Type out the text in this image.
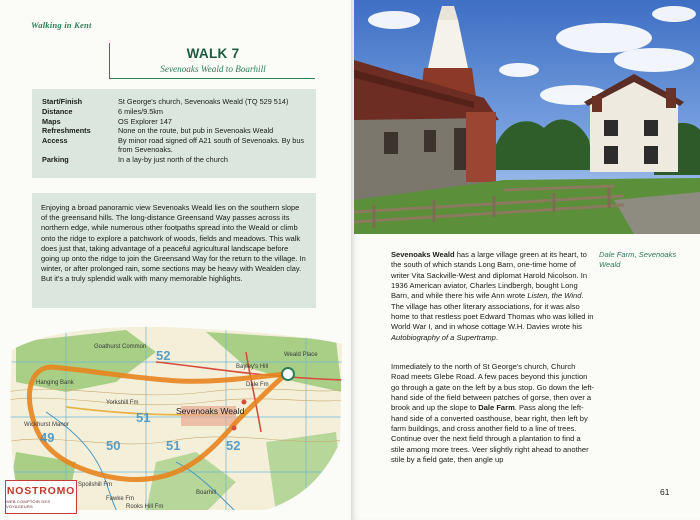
Walking in Kent
WALK 7
Sevenoaks Weald to Boarhill
Start/Finish	St George's church, Sevenoaks Weald (TQ 529 514)
Distance	6 miles/9.5km
Maps	OS Explorer 147
Refreshments	None on the route, but pub in Sevenoaks Weald
Access	By minor road signed off A21 south of Sevenoaks. By bus from Sevenoaks.
Parking	In a lay-by just north of the church
Enjoying a broad panoramic view Sevenoaks Weald lies on the southern slope of the greensand hills. The long-distance Greensand Way passes across its northern edge, while numerous other footpaths spread into the Weald or climb onto the ridge to explore a patchwork of woods, fields and meadows. This walk does just that, taking advantage of a peaceful agricultural landscape before going up onto the ridge to join the Greensand Way for the return to the village. In winter, or after prolonged rain, some sections may be heavy with Wealden clay. But it's a truly splendid walk with many memorable highlights.
Goathurst Common
Bayley's Hill
Weald Place
Yorkshill Fm
Sevenoaks Weald
Hanging Bank	Dale Fm
Boarhill
Spoilshill Fm
Fawke Fm
Rooks Hill Fm
Wickhurst Manor
52
51
49
50	51	52
NOSTROMO
WEB COMPTOIR DES VOYAGEURS
Dale Farm, Sevenoaks Weald
Sevenoaks Weald has a large village green at its heart, to the south of which stands Long Barn, one-time home of writer Vita Sackville-West and diplomat Harold Nicolson. In 1936 American aviator, Charles Lindbergh, bought Long Barn, and while there his wife Ann wrote Listen, the Wind. The village has other literary associations, for it was also home to that restless poet Edward Thomas who was killed in World War I, and in whose cottage W.H. Davies wrote his Autobiography of a Supertramp.
Immediately to the north of St George's church, Church Road meets Glebe Road. A few paces beyond this junction go through a gate on the left by a bus stop. Go down the left-hand side of the field between patches of gorse, then over a brook and up the slope to Dale Farm. Pass along the left-hand side of a converted oasthouse, bear right, then left by farm buildings, and cross another field to a line of trees. Continue over the next field through a plantation to find a stile among more trees. Veer slightly right ahead to another stile by a field gate, then angle up
61
